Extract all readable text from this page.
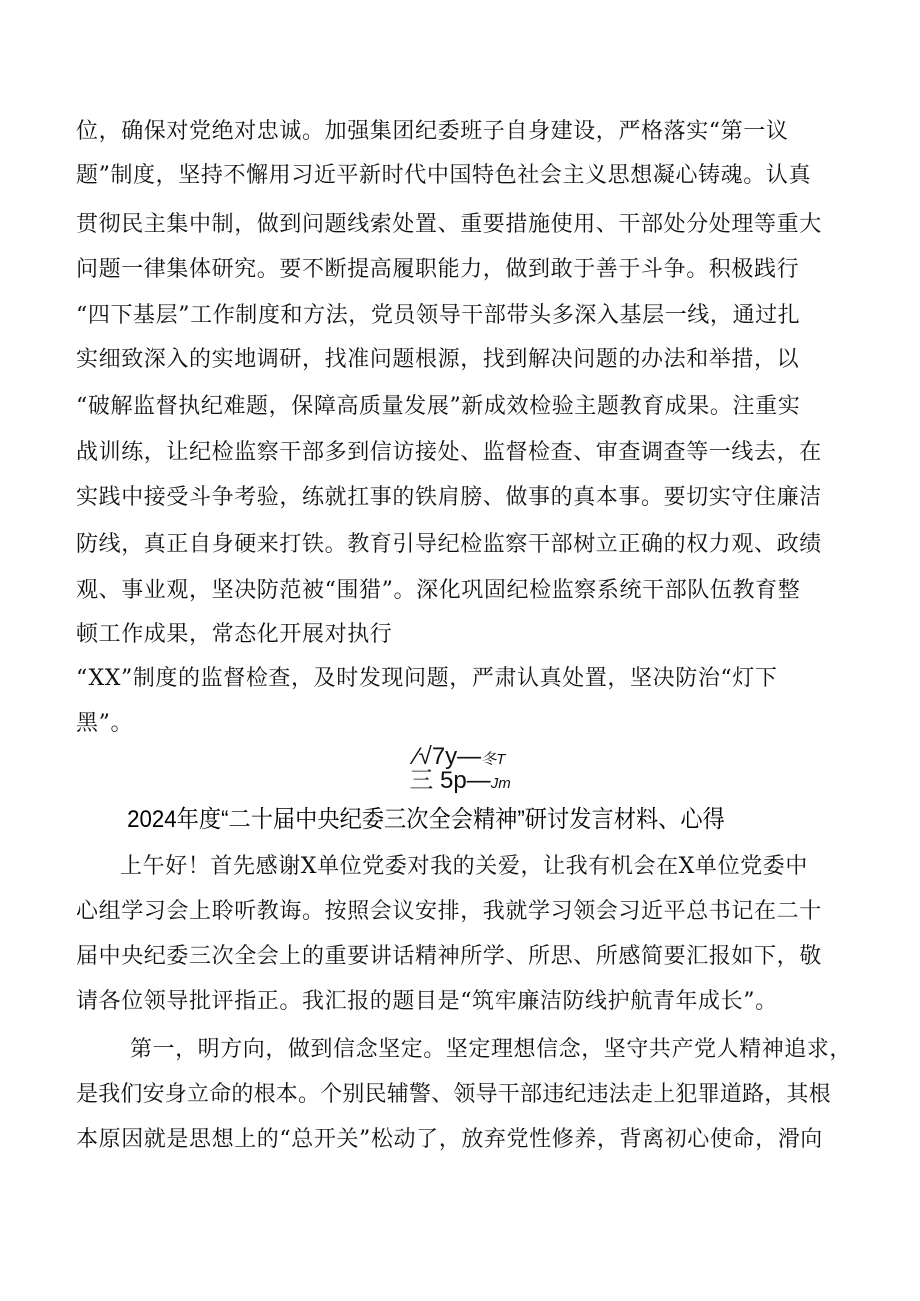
位，确保对党绝对忠诚。加强集团纪委班子自身建设，严格落实“第一议
题”制度，坚持不懈用习近平新时代中国特色社会主义思想凝心铸魂。认真
贯彻民主集中制，做到问题线索处置、重要措施使用、干部处分处理等重大
问题一律集体研究。要不断提高履职能力，做到敢于善于斗争。积极践行
“四下基层”工作制度和方法，党员领导干部带头多深入基层一线，通过扎
实细致深入的实地调研，找准问题根源，找到解决问题的办法和举措，以
“破解监督执纪难题，保障高质量发展”新成效检验主题教育成果。注重实
战训练，让纪检监察干部多到信访接处、监督检查、审查调查等一线去，在
实践中接受斗争考验，练就扛事的铁肩膀、做事的真本事。要切实守住廉洁
防线，真正自身硬来打铁。教育引导纪检监察干部树立正确的权力观、政绩
观、事业观，坚决防范被“围猎”。深化巩固纪检监察系统干部队伍教育整
顿工作成果，常态化开展对执行
“XX”制度的监督检查，及时发现问题，严肃认真处置，坚决防治“灯下
黑”。
∕√7y—冬T
三 5p—Jm
2024年度“二十届中央纪委三次全会精神”研讨发言材料、心得
上午好！首先感谢X单位党委对我的关爱，让我有机会在X单位党委中
心组学习会上聆听教诲。按照会议安排，我就学习领会习近平总书记在二十
届中央纪委三次全会上的重要讲话精神所学、所思、所感简要汇报如下，敬
请各位领导批评指正。我汇报的题目是“筑牢廉洁防线护航青年成长”。
第一，明方向，做到信念坚定。坚定理想信念，坚守共产党人精神追求，
是我们安身立命的根本。个别民辅警、领导干部违纪违法走上犯罪道路，其根
本原因就是思想上的“总开关”松动了，放弃党性修养，背离初心使命，滑向
